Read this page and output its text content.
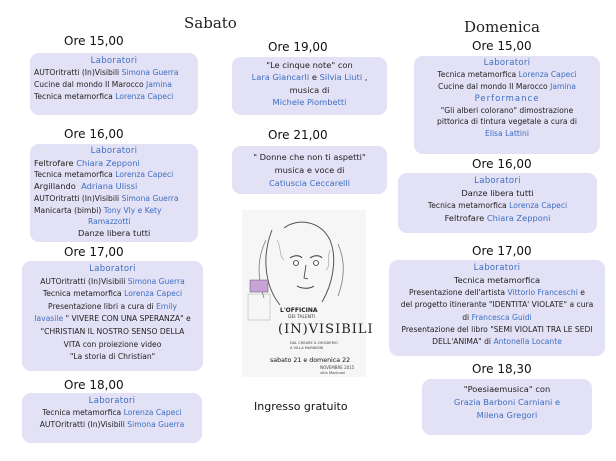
Sabato	Domenica
Ore 15,00
Laboratori
AUTOritratti (In)Visibili Simona Guerra
Cucine dal mondo Il Marocco Jamina
Tecnica metamorfica Lorenza Capeci
Ore 16,00
Laboratori
Feltrofare Chiara Zepponi
Tecnica metamorfica Lorenza Capeci
Argillando Adriana Ulissi
AUTOritratti (In)Visibili Simona Guerra
Manicarta (bimbi) Tony Vly e Kety
Ramazzotti
Danze libera tutti
Ore 17,00
Laboratori
AUTOritratti (In)Visibili Simona Guerra
Tecnica metamorfica Lorenza Capeci
Presentazione libri a cura di Emily
Iavasile " VIVERE CON UNA SPERANZA" e
"CHRISTIAN IL NOSTRO SENSO DELLA
VITA con proiezione video
"La storia di Christian"
Ore 18,00
Laboratori
Tecnica metamorfica Lorenza Capeci
AUTOritratti (In)Visibili Simona Guerra
Ore 19,00
"Le cinque note" con
Lara Giancarli e Silvia Liuti ,
musica di
Michele Piombetti
Ore 21,00
" Donne che non ti aspetti"
musica e voce di
Catiuscia Ceccarelli
L'OFFICINA
DEI TALENTI
(IN)VISIBILI
DAL CREARE IL DESIDERIO
A VILLA MARINONI
sabato 21 e domenica 22
NOVEMBRE 2015
villa Marinoni
Ingresso gratuito
Ore 15,00
Laboratori
Tecnica metamorfica Lorenza Capeci
Cucine dal mondo Il Marocco Jamina
Performance
"Gli alberi colorano" dimostrazione
pittorica di tintura vegetale a cura di
Elisa Lattini
Ore 16,00
Laboratori
Danze libera tutti
Tecnica metamorfica Lorenza Capeci
Feltrofare Chiara Zepponi
Ore 17,00
Laboratori
Tecnica metamorfica
Presentazione dell'artista Vittorio Franceschi e
del progetto itinerante "IDENTITA' VIOLATE" a cura
di Francesca Guidi
Presentazione del libro "SEMI VIOLATI TRA LE SEDI
DELL'ANIMA" di Antonella Locante
Ore 18,30
"Poesiaemusica" con
Grazia Barboni Carniani e
Milena Gregori
